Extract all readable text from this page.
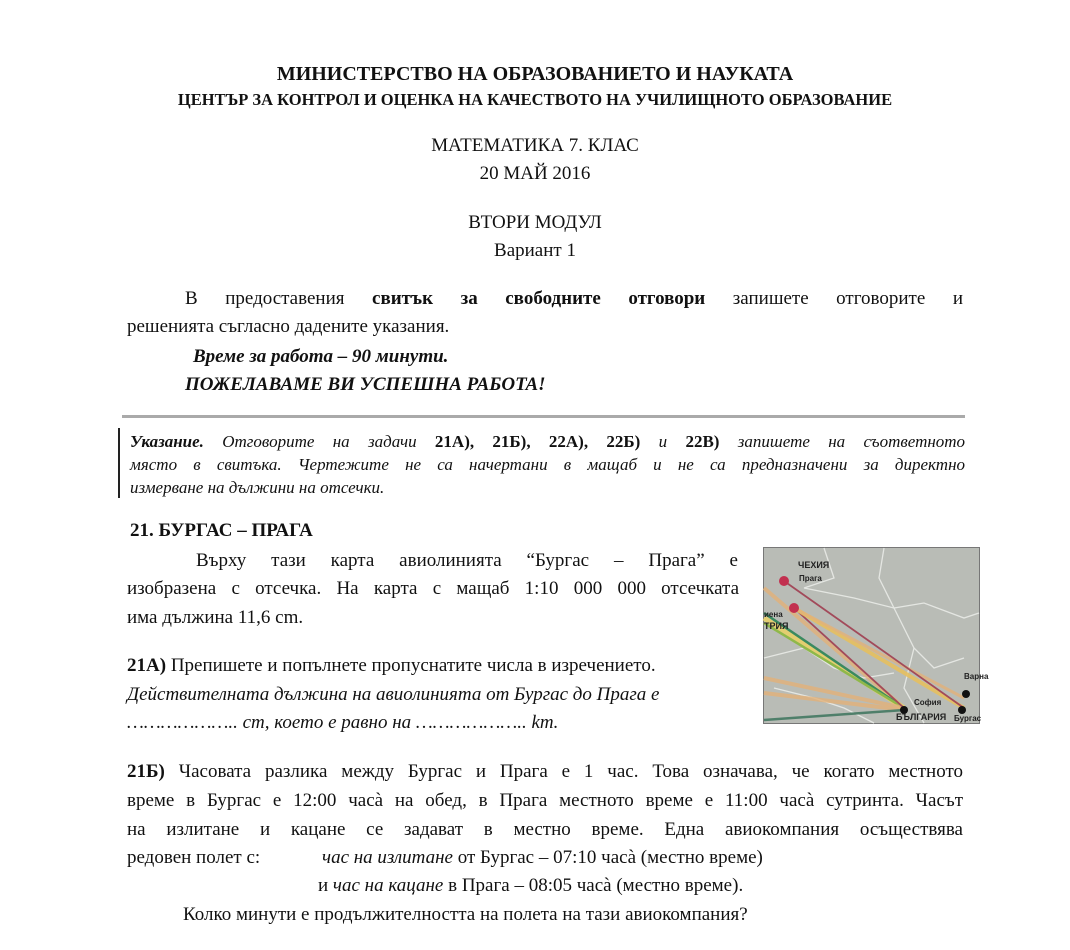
МИНИСТЕРСТВО НА ОБРАЗОВАНИЕТО И НАУКАТА
ЦЕНТЪР ЗА КОНТРОЛ И ОЦЕНКА НА КАЧЕСТВОТО НА УЧИЛИЩНОТО ОБРАЗОВАНИЕ
МАТЕМАТИКА 7. КЛАС
20 МАЙ 2016
ВТОРИ МОДУЛ
Вариант 1
В предоставения свитък за свободните отговори запишете отговорите и
решенията съгласно дадените указания.
Време за работа – 90 минути.
ПОЖЕЛАВАМЕ ВИ УСПЕШНА РАБОТА!
Указание. Отговорите на задачи 21А), 21Б), 22А), 22Б) и 22В) запишете на съответното
място в свитъка. Чертежите не са начертани в мащаб и не са предназначени за директно
измерване на дължини на отсечки.
21. БУРГАС – ПРАГА
Върху тази карта авиолинията “Бургас – Прага” е
изобразена с отсечка. На карта с мащаб 1:10 000 000 отсечката
има дължина 11,6 cm.
21А) Препишете и попълнете пропуснатите числа в изречението.
Действителната дължина на авиолинията от Бургас до Прага е
……………….. cm, което е равно на ……………….. km.
21Б) Часовата разлика между Бургас и Прага е 1 час. Това означава, че когато местното
време в Бургас е 12:00 часà на обед, в Прага местното време е 11:00 часà сутринта. Часът
на излитане и кацане се задават в местно време. Една авиокомпания осъществява
редовен полет с:	час на излитане от Бургас – 07:10 часà (местно време)
и час на кацане в Прага – 08:05 часà (местно време).
Колко минути е продължителността на полета на тази авиокомпания?
ЧЕХИЯ
Прага
иена
ТРИЯ
Варна
София
БЪЛГАРИЯ Бургас
